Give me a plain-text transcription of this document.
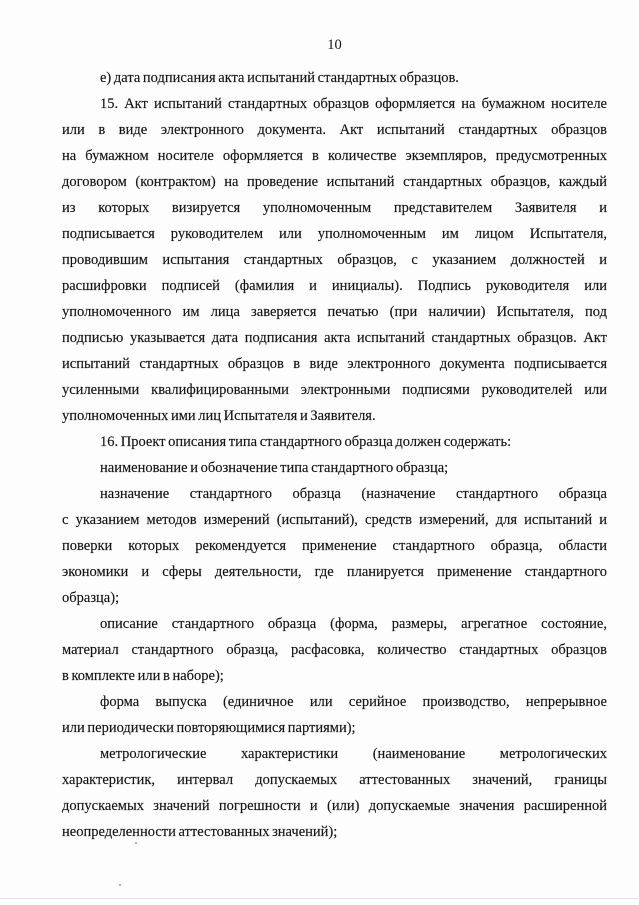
10
е) дата подписания акта испытаний стандартных образцов.
15. Акт испытаний стандартных образцов оформляется на бумажном носителе
или в виде электронного документа. Акт испытаний стандартных образцов
на бумажном носителе оформляется в количестве экземпляров, предусмотренных
договором (контрактом) на проведение испытаний стандартных образцов, каждый
из которых визируется уполномоченным представителем Заявителя и
подписывается руководителем или уполномоченным им лицом Испытателя,
проводившим испытания стандартных образцов, с указанием должностей и
расшифровки подписей (фамилия и инициалы). Подпись руководителя или
уполномоченного им лица заверяется печатью (при наличии) Испытателя, под
подписью указывается дата подписания акта испытаний стандартных образцов. Акт
испытаний стандартных образцов в виде электронного документа подписывается
усиленными квалифицированными электронными подписями руководителей или
уполномоченных ими лиц Испытателя и Заявителя.
16. Проект описания типа стандартного образца должен содержать:
наименование и обозначение типа стандартного образца;
назначение стандартного образца (назначение стандартного образца
с указанием методов измерений (испытаний), средств измерений, для испытаний и
поверки которых рекомендуется применение стандартного образца, области
экономики и сферы деятельности, где планируется применение стандартного
образца);
описание стандартного образца (форма, размеры, агрегатное состояние,
материал стандартного образца, расфасовка, количество стандартных образцов
в комплекте или в наборе);
форма выпуска (единичное или серийное производство, непрерывное
или периодически повторяющимися партиями);
метрологические характеристики (наименование метрологических
характеристик, интервал допускаемых аттестованных значений, границы
допускаемых значений погрешности и (или) допускаемые значения расширенной
неопределенности аттестованных значений);
